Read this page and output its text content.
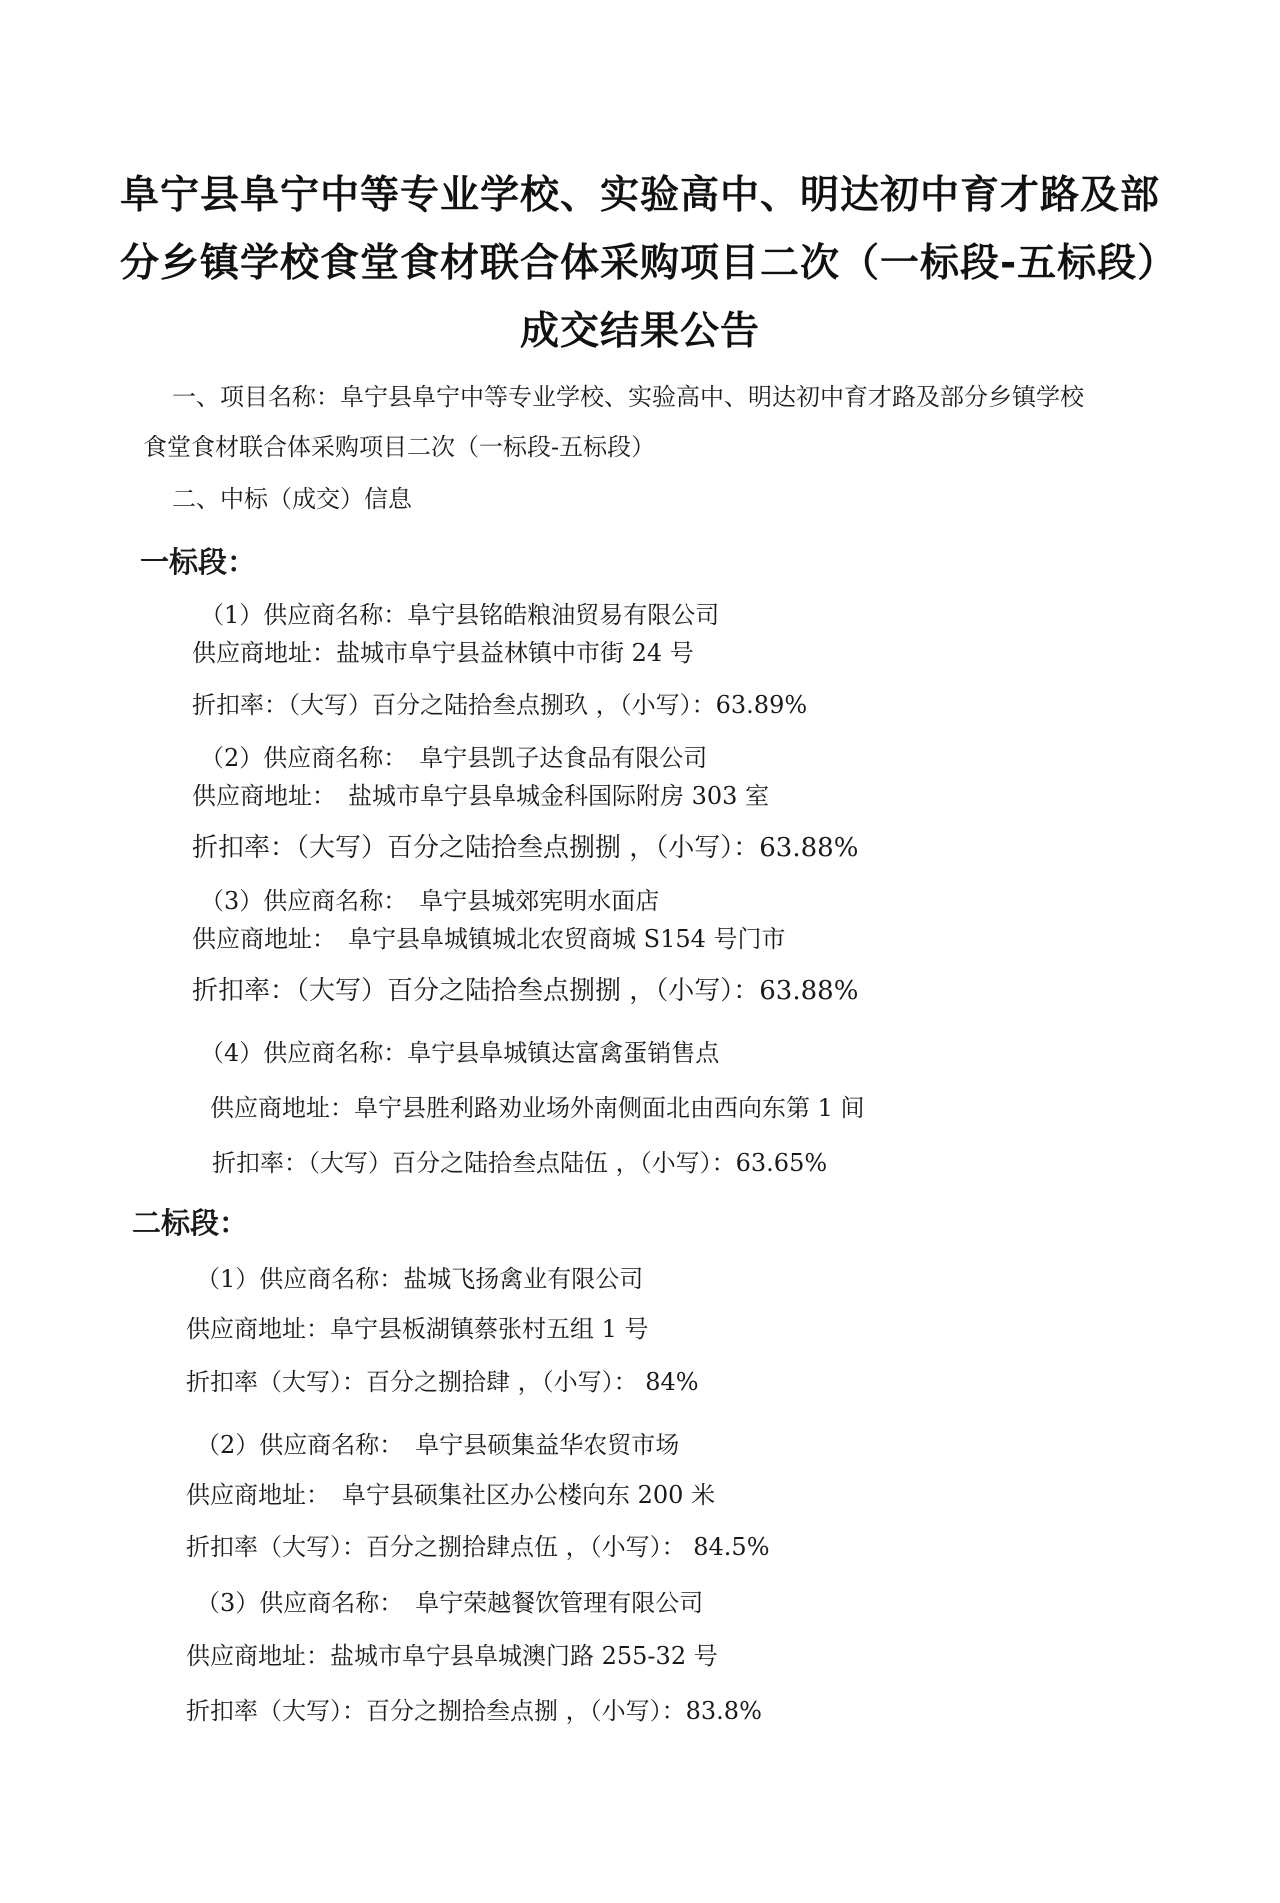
阜宁县阜宁中等专业学校、实验高中、明达初中育才路及部
分乡镇学校食堂食材联合体采购项目二次（一标段-五标段）
成交结果公告
一、项目名称：阜宁县阜宁中等专业学校、实验高中、明达初中育才路及部分乡镇学校
食堂食材联合体采购项目二次（一标段-五标段）
二、中标（成交）信息
一标段：
（1）供应商名称：阜宁县铭皓粮油贸易有限公司
供应商地址：盐城市阜宁县益林镇中市街 24 号
折扣率：（大写）百分之陆拾叁点捌玖 ，（小写）：63.89%
（2）供应商名称：　阜宁县凯子达食品有限公司
供应商地址：　盐城市阜宁县阜城金科国际附房 303 室
折扣率：（大写）百分之陆拾叁点捌捌 ，（小写）：63.88%
（3）供应商名称：　阜宁县城郊宪明水面店
供应商地址：　阜宁县阜城镇城北农贸商城 S154 号门市
折扣率：（大写）百分之陆拾叁点捌捌 ，（小写）：63.88%
（4）供应商名称：阜宁县阜城镇达富禽蛋销售点
供应商地址：阜宁县胜利路劝业场外南侧面北由西向东第 1 间
折扣率：（大写）百分之陆拾叁点陆伍 ，（小写）：63.65%
二标段：
（1）供应商名称：盐城飞扬禽业有限公司
供应商地址：阜宁县板湖镇蔡张村五组 1 号
折扣率（大写）：百分之捌拾肆 ，（小写）： 84%
（2）供应商名称：　阜宁县硕集益华农贸市场
供应商地址：　阜宁县硕集社区办公楼向东 200 米
折扣率（大写）：百分之捌拾肆点伍 ，（小写）： 84.5%
（3）供应商名称：　阜宁荣越餐饮管理有限公司
供应商地址：盐城市阜宁县阜城澳门路 255-32 号
折扣率（大写）：百分之捌拾叁点捌 ，（小写）：83.8%
